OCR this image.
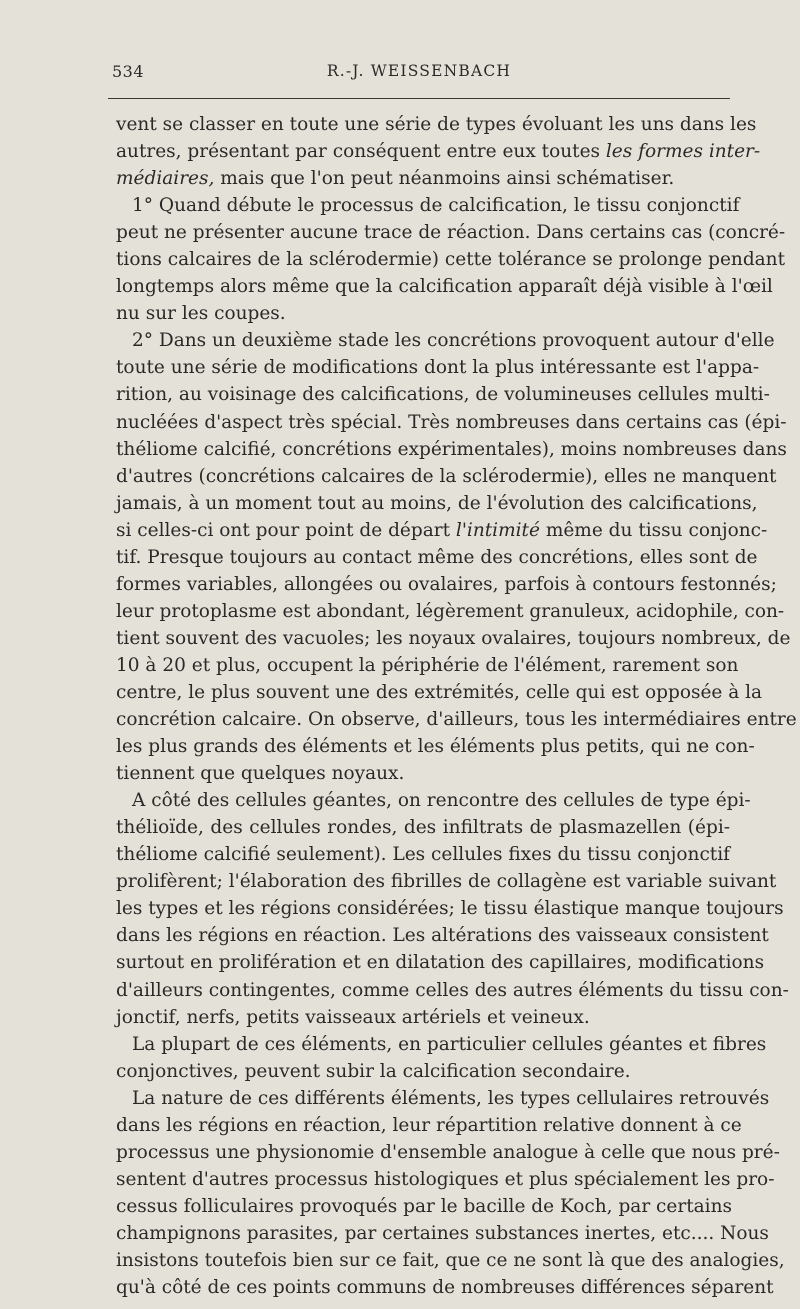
534	R.-J. WEISSENBACH
vent se classer en toute une série de types évoluant les uns dans les
autres, présentant par conséquent entre eux toutes les formes inter-
médiaires, mais que l'on peut néanmoins ainsi schématiser.
1° Quand débute le processus de calcification, le tissu conjonctif
peut ne présenter aucune trace de réaction. Dans certains cas (concré-
tions calcaires de la sclérodermie) cette tolérance se prolonge pendant
longtemps alors même que la calcification apparaît déjà visible à l'œil
nu sur les coupes.
2° Dans un deuxième stade les concrétions provoquent autour d'elle
toute une série de modifications dont la plus intéressante est l'appa-
rition, au voisinage des calcifications, de volumineuses cellules multi-
nucléées d'aspect très spécial. Très nombreuses dans certains cas (épi-
théliome calcifié, concrétions expérimentales), moins nombreuses dans
d'autres (concrétions calcaires de la sclérodermie), elles ne manquent
jamais, à un moment tout au moins, de l'évolution des calcifications,
si celles-ci ont pour point de départ l'intimité même du tissu conjonc-
tif. Presque toujours au contact même des concrétions, elles sont de
formes variables, allongées ou ovalaires, parfois à contours festonnés;
leur protoplasme est abondant, légèrement granuleux, acidophile, con-
tient souvent des vacuoles; les noyaux ovalaires, toujours nombreux, de
10 à 20 et plus, occupent la périphérie de l'élément, rarement son
centre, le plus souvent une des extrémités, celle qui est opposée à la
concrétion calcaire. On observe, d'ailleurs, tous les intermédiaires entre
les plus grands des éléments et les éléments plus petits, qui ne con-
tiennent que quelques noyaux.
A côté des cellules géantes, on rencontre des cellules de type épi-
thélioïde, des cellules rondes, des infiltrats de plasmazellen (épi-
théliome calcifié seulement). Les cellules fixes du tissu conjonctif
prolifèrent; l'élaboration des fibrilles de collagène est variable suivant
les types et les régions considérées; le tissu élastique manque toujours
dans les régions en réaction. Les altérations des vaisseaux consistent
surtout en prolifération et en dilatation des capillaires, modifications
d'ailleurs contingentes, comme celles des autres éléments du tissu con-
jonctif, nerfs, petits vaisseaux artériels et veineux.
La plupart de ces éléments, en particulier cellules géantes et fibres
conjonctives, peuvent subir la calcification secondaire.
La nature de ces différents éléments, les types cellulaires retrouvés
dans les régions en réaction, leur répartition relative donnent à ce
processus une physionomie d'ensemble analogue à celle que nous pré-
sentent d'autres processus histologiques et plus spécialement les pro-
cessus folliculaires provoqués par le bacille de Koch, par certains
champignons parasites, par certaines substances inertes, etc.... Nous
insistons toutefois bien sur ce fait, que ce ne sont là que des analogies,
qu'à côté de ces points communs de nombreuses différences séparent
